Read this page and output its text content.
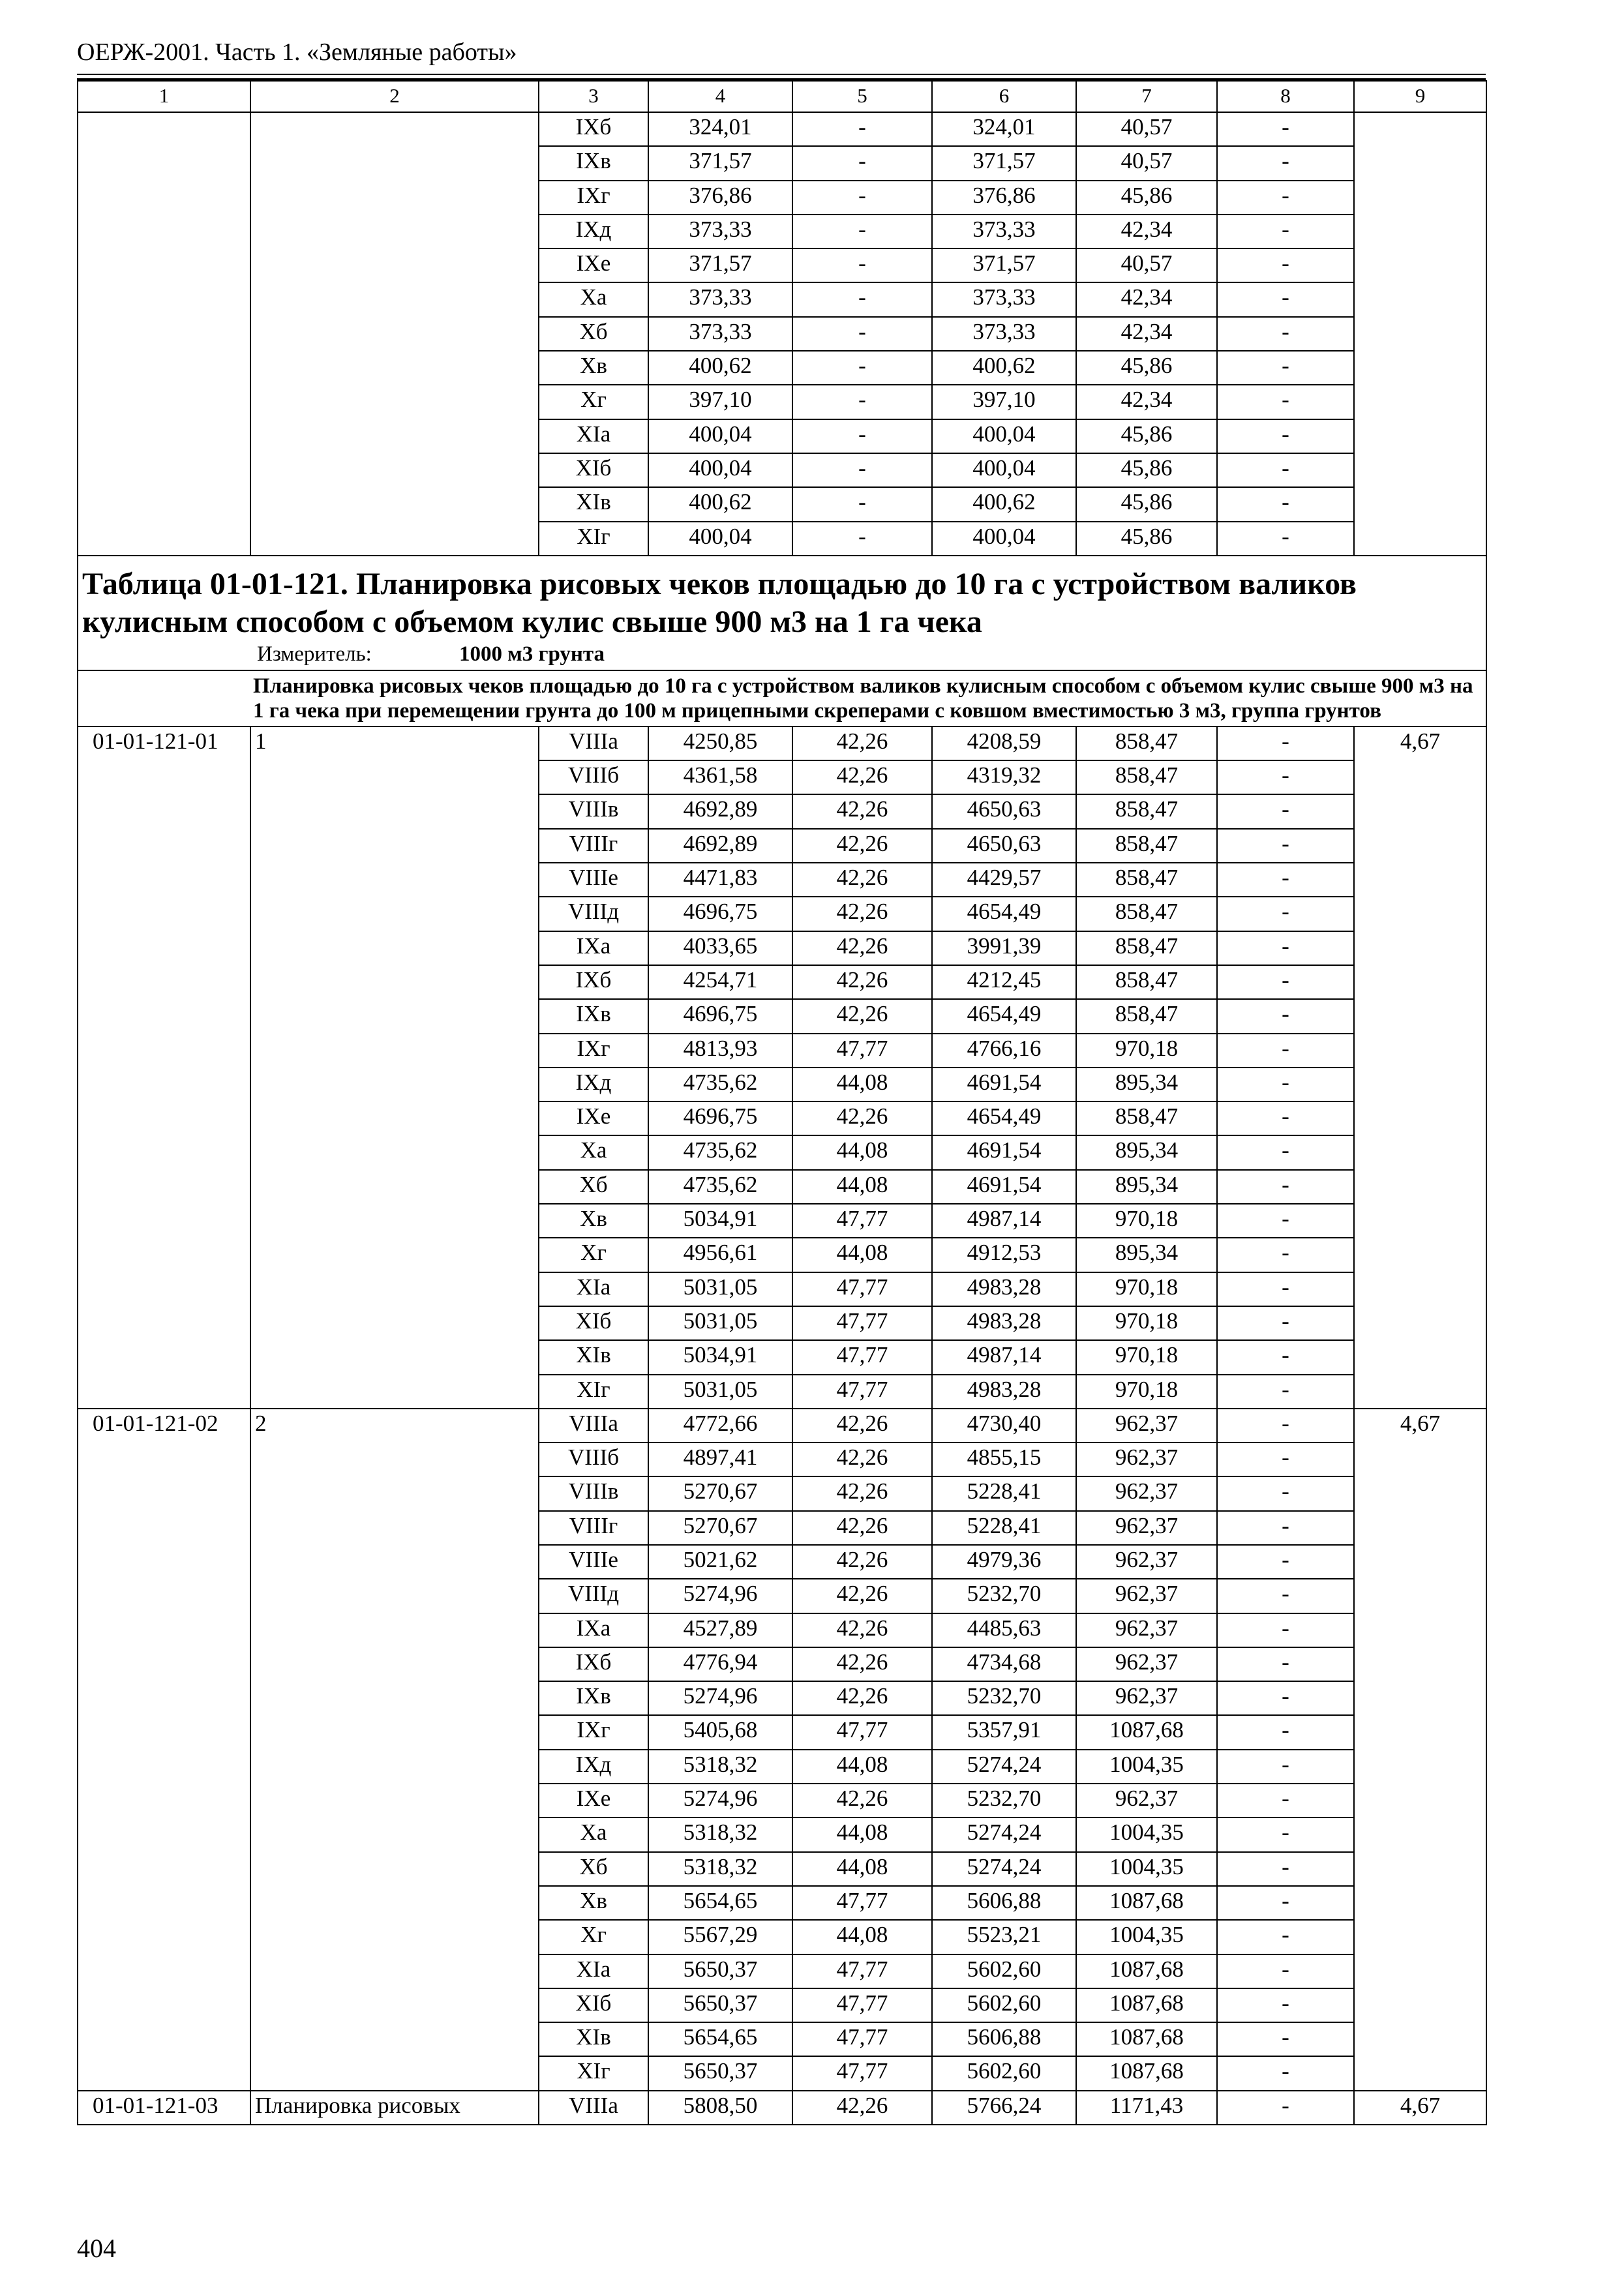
ОЕРЖ-2001. Часть 1. «Земляные работы»
1	2	3	4	5	6	7	8	9
		IXб	324,01	-	324,01	40,57	-	
		IXв	371,57	-	371,57	40,57	-	
		IXг	376,86	-	376,86	45,86	-	
		IXд	373,33	-	373,33	42,34	-	
		IXе	371,57	-	371,57	40,57	-	
		Xа	373,33	-	373,33	42,34	-	
		Xб	373,33	-	373,33	42,34	-	
		Xв	400,62	-	400,62	45,86	-	
		Xг	397,10	-	397,10	42,34	-	
		XIа	400,04	-	400,04	45,86	-	
		XIб	400,04	-	400,04	45,86	-	
		XIв	400,62	-	400,62	45,86	-	
		XIг	400,04	-	400,04	45,86	-	

Таблица 01-01-121. Планировка рисовых чеков площадью до 10 га с устройством валиков кулисным способом с объемом кулис свыше 900 м3 на 1 га чека
Измеритель: 1000 м3 грунта								

Планировка рисовых чеков площадью до 10 га с устройством валиков кулисным способом с объемом кулис свыше 900 м3 на 1 га чека при перемещении грунта до 100 м прицепными скреперами с ковшом вместимостью 3 м3, группа грунтов								
01-01-121-01	1	VIIIа	4250,85	42,26	4208,59	858,47	-	4,67
		VIIIб	4361,58	42,26	4319,32	858,47	-	
		VIIIв	4692,89	42,26	4650,63	858,47	-	
		VIIIг	4692,89	42,26	4650,63	858,47	-	
		VIIIе	4471,83	42,26	4429,57	858,47	-	
		VIIIд	4696,75	42,26	4654,49	858,47	-	
		IXа	4033,65	42,26	3991,39	858,47	-	
		IXб	4254,71	42,26	4212,45	858,47	-	
		IXв	4696,75	42,26	4654,49	858,47	-	
		IXг	4813,93	47,77	4766,16	970,18	-	
		IXд	4735,62	44,08	4691,54	895,34	-	
		IXе	4696,75	42,26	4654,49	858,47	-	
		Xа	4735,62	44,08	4691,54	895,34	-	
		Xб	4735,62	44,08	4691,54	895,34	-	
		Xв	5034,91	47,77	4987,14	970,18	-	
		Xг	4956,61	44,08	4912,53	895,34	-	
		XIа	5031,05	47,77	4983,28	970,18	-	
		XIб	5031,05	47,77	4983,28	970,18	-	
		XIв	5034,91	47,77	4987,14	970,18	-	
		XIг	5031,05	47,77	4983,28	970,18	-	
01-01-121-02	2	VIIIа	4772,66	42,26	4730,40	962,37	-	4,67
		VIIIб	4897,41	42,26	4855,15	962,37	-	
		VIIIв	5270,67	42,26	5228,41	962,37	-	
		VIIIг	5270,67	42,26	5228,41	962,37	-	
		VIIIе	5021,62	42,26	4979,36	962,37	-	
		VIIIд	5274,96	42,26	5232,70	962,37	-	
		IXа	4527,89	42,26	4485,63	962,37	-	
		IXб	4776,94	42,26	4734,68	962,37	-	
		IXв	5274,96	42,26	5232,70	962,37	-	
		IXг	5405,68	47,77	5357,91	1087,68	-	
		IXд	5318,32	44,08	5274,24	1004,35	-	
		IXе	5274,96	42,26	5232,70	962,37	-	
		Xа	5318,32	44,08	5274,24	1004,35	-	
		Xб	5318,32	44,08	5274,24	1004,35	-	
		Xв	5654,65	47,77	5606,88	1087,68	-	
		Xг	5567,29	44,08	5523,21	1004,35	-	
		XIа	5650,37	47,77	5602,60	1087,68	-	
		XIб	5650,37	47,77	5602,60	1087,68	-	
		XIв	5654,65	47,77	5606,88	1087,68	-	
		XIг	5650,37	47,77	5602,60	1087,68	-	
01-01-121-03	Планировка рисовых	VIIIа	5808,50	42,26	5766,24	1171,43	-	4,67
404
